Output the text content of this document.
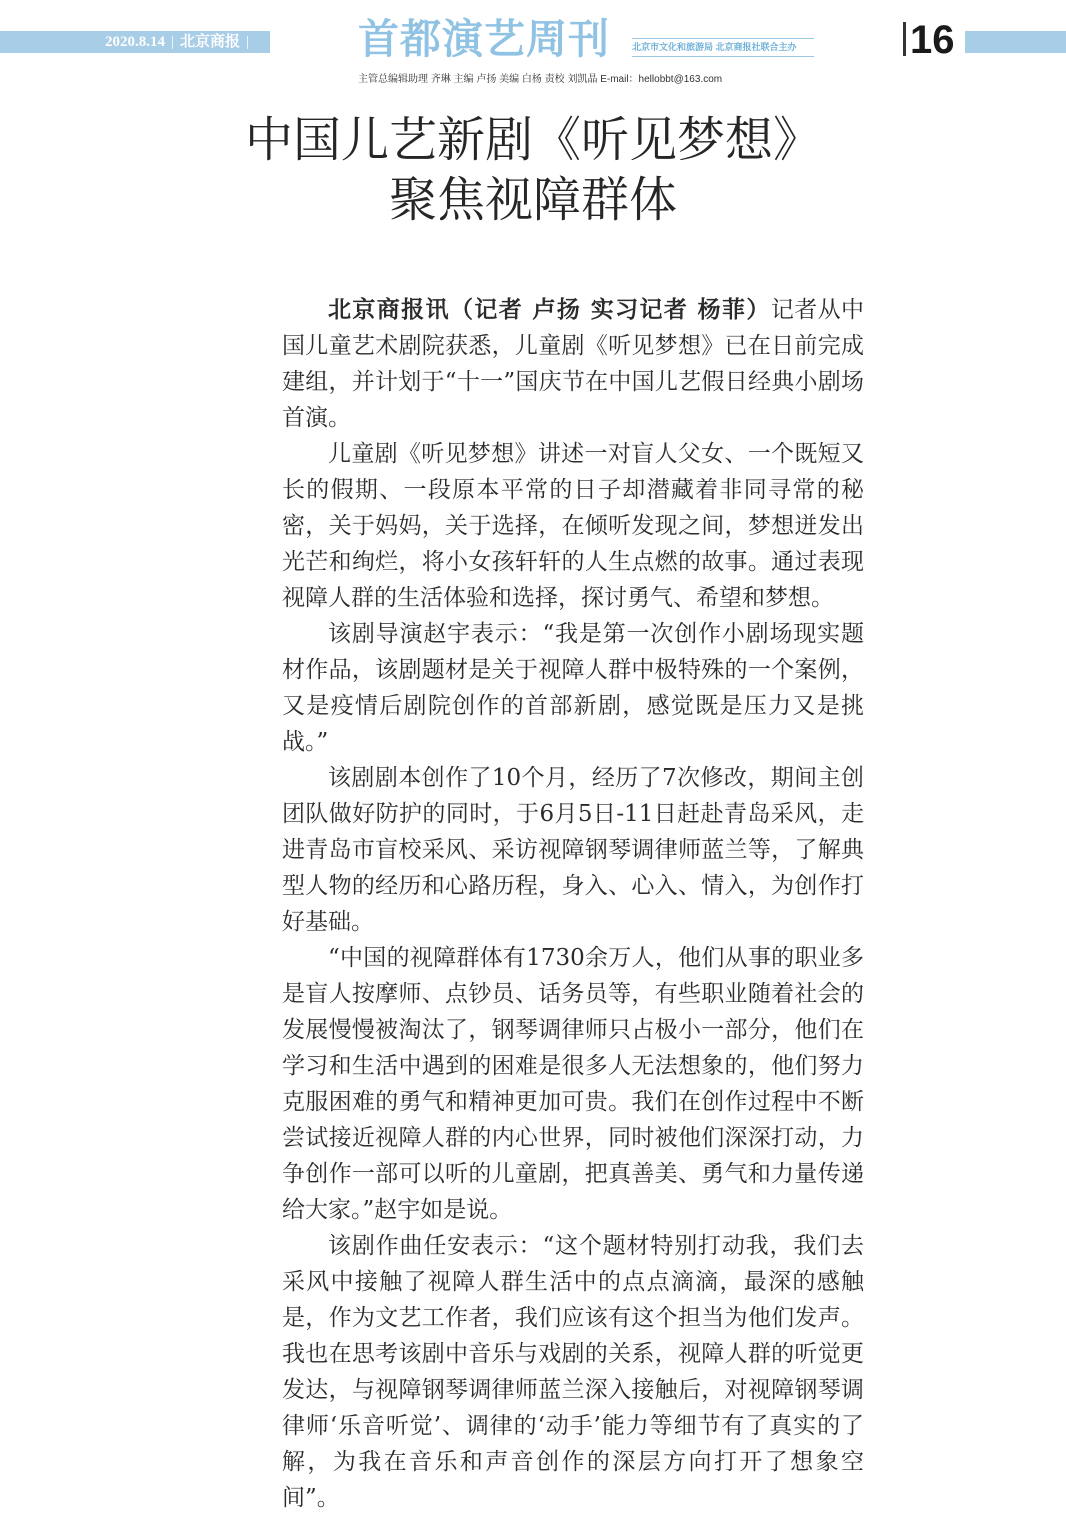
2020.8.14 | 北京商报 |	首都演艺周刊 北京市文化和旅游局 北京商报社联合主办	16
主管总编辑助理 齐琳 主编 卢扬 美编 白杨 责校 刘凯晶 E-mail：hellobbt@163.com
中国儿艺新剧《听见梦想》
聚焦视障群体

北京商报讯（记者 卢扬 实习记者 杨菲）记者从中国儿童艺术剧院获悉，儿童剧《听见梦想》已在日前完成建组，并计划于“十一”国庆节在中国儿艺假日经典小剧场首演。

儿童剧《听见梦想》讲述一对盲人父女、一个既短又长的假期、一段原本平常的日子却潜藏着非同寻常的秘密，关于妈妈，关于选择，在倾听发现之间，梦想迸发出光芒和绚烂，将小女孩轩轩的人生点燃的故事。通过表现视障人群的生活体验和选择，探讨勇气、希望和梦想。

该剧导演赵宇表示：“我是第一次创作小剧场现实题材作品，该剧题材是关于视障人群中极特殊的一个案例，又是疫情后剧院创作的首部新剧，感觉既是压力又是挑战。”

该剧剧本创作了10个月，经历了7次修改，期间主创团队做好防护的同时，于6月5日-11日赶赴青岛采风，走进青岛市盲校采风、采访视障钢琴调律师蓝兰等，了解典型人物的经历和心路历程，身入、心入、情入，为创作打好基础。

“中国的视障群体有1730余万人，他们从事的职业多是盲人按摩师、点钞员、话务员等，有些职业随着社会的发展慢慢被淘汰了，钢琴调律师只占极小一部分，他们在学习和生活中遇到的困难是很多人无法想象的，他们努力克服困难的勇气和精神更加可贵。我们在创作过程中不断尝试接近视障人群的内心世界，同时被他们深深打动，力争创作一部可以听的儿童剧，把真善美、勇气和力量传递给大家。”赵宇如是说。

该剧作曲任安表示：“这个题材特别打动我，我们去采风中接触了视障人群生活中的点点滴滴，最深的感触是，作为文艺工作者，我们应该有这个担当为他们发声。我也在思考该剧中音乐与戏剧的关系，视障人群的听觉更发达，与视障钢琴调律师蓝兰深入接触后，对视障钢琴调律师‘乐音听觉’、调律的‘动手’能力等细节有了真实的了解，为我在音乐和声音创作的深层方向打开了想象空间”。
